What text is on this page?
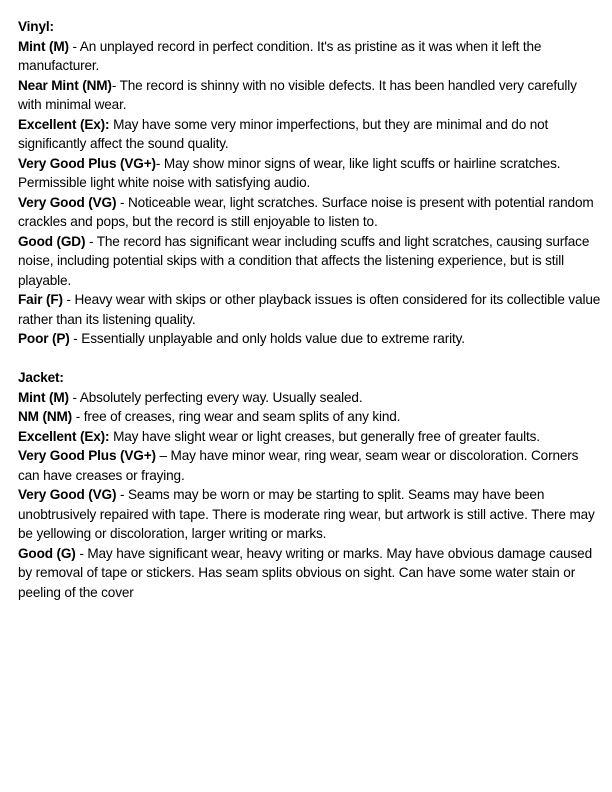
Vinyl:
Mint (M) - An unplayed record in perfect condition. It's as pristine as it was when it left the manufacturer.
Near Mint (NM)- The record is shinny with no visible defects. It has been handled very carefully with minimal wear.
Excellent (Ex): May have some very minor imperfections, but they are minimal and do not significantly affect the sound quality.
Very Good Plus (VG+)- May show minor signs of wear, like light scuffs or hairline scratches.
Permissible light white noise with satisfying audio.
Very Good (VG) - Noticeable wear, light scratches. Surface noise is present with potential random crackles and pops, but the record is still enjoyable to listen to.
Good (GD) - The record has significant wear including scuffs and light scratches, causing surface noise, including potential skips with a condition that affects the listening experience, but is still playable.
Fair (F) - Heavy wear with skips or other playback issues is often considered for its collectible value rather than its listening quality.
Poor (P) - Essentially unplayable and only holds value due to extreme rarity.
Jacket:
Mint (M) - Absolutely perfecting every way. Usually sealed.
NM (NM) - free of creases, ring wear and seam splits of any kind.
Excellent (Ex): May have slight wear or light creases, but generally free of greater faults.
Very Good Plus (VG+) – May have minor wear, ring wear, seam wear or discoloration. Corners can have creases or fraying.
Very Good (VG) - Seams may be worn or may be starting to split. Seams may have been unobtrusively repaired with tape. There is moderate ring wear, but artwork is still active. There may be yellowing or discoloration, larger writing or marks.
Good (G) - May have significant wear, heavy writing or marks. May have obvious damage caused by removal of tape or stickers. Has seam splits obvious on sight. Can have some water stain or peeling of the cover
